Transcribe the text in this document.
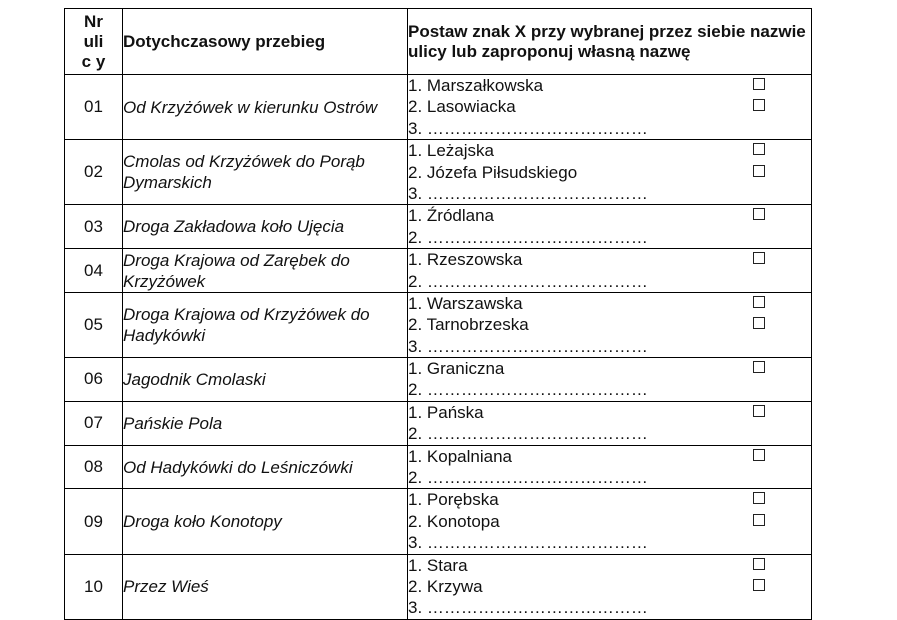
Nr ulic y	Dotychczasowy przebieg	Postaw znak X przy wybranej przez siebie nazwie ulicy lub zaproponuj własną nazwę
01	Od Krzyżówek w kierunku Ostrów	1. Marszałkowska
2. Lasowiacka
3. …………………………………

02	Cmolas od Krzyżówek do Porąb Dymarskich	1. Leżajska
2. Józefa Piłsudskiego
3. …………………………………

03	Droga Zakładowa koło Ujęcia	1. Źródlana
2. …………………………………

04	Droga Krajowa od Zarębek do Krzyżówek	1. Rzeszowska
2. …………………………………

05	Droga Krajowa od Krzyżówek do Hadykówki	1. Warszawska
2. Tarnobrzeska
3. …………………………………

06	Jagodnik Cmolaski	1. Graniczna
2. …………………………………

07	Pańskie Pola	1. Pańska
2. …………………………………

08	Od Hadykówki do Leśniczówki	1. Kopalniana
2. …………………………………

09	Droga koło Konotopy	1. Porębska
2. Konotopa
3. …………………………………

10	Przez Wieś	1. Stara
2. Krzywa
3. …………………………………
